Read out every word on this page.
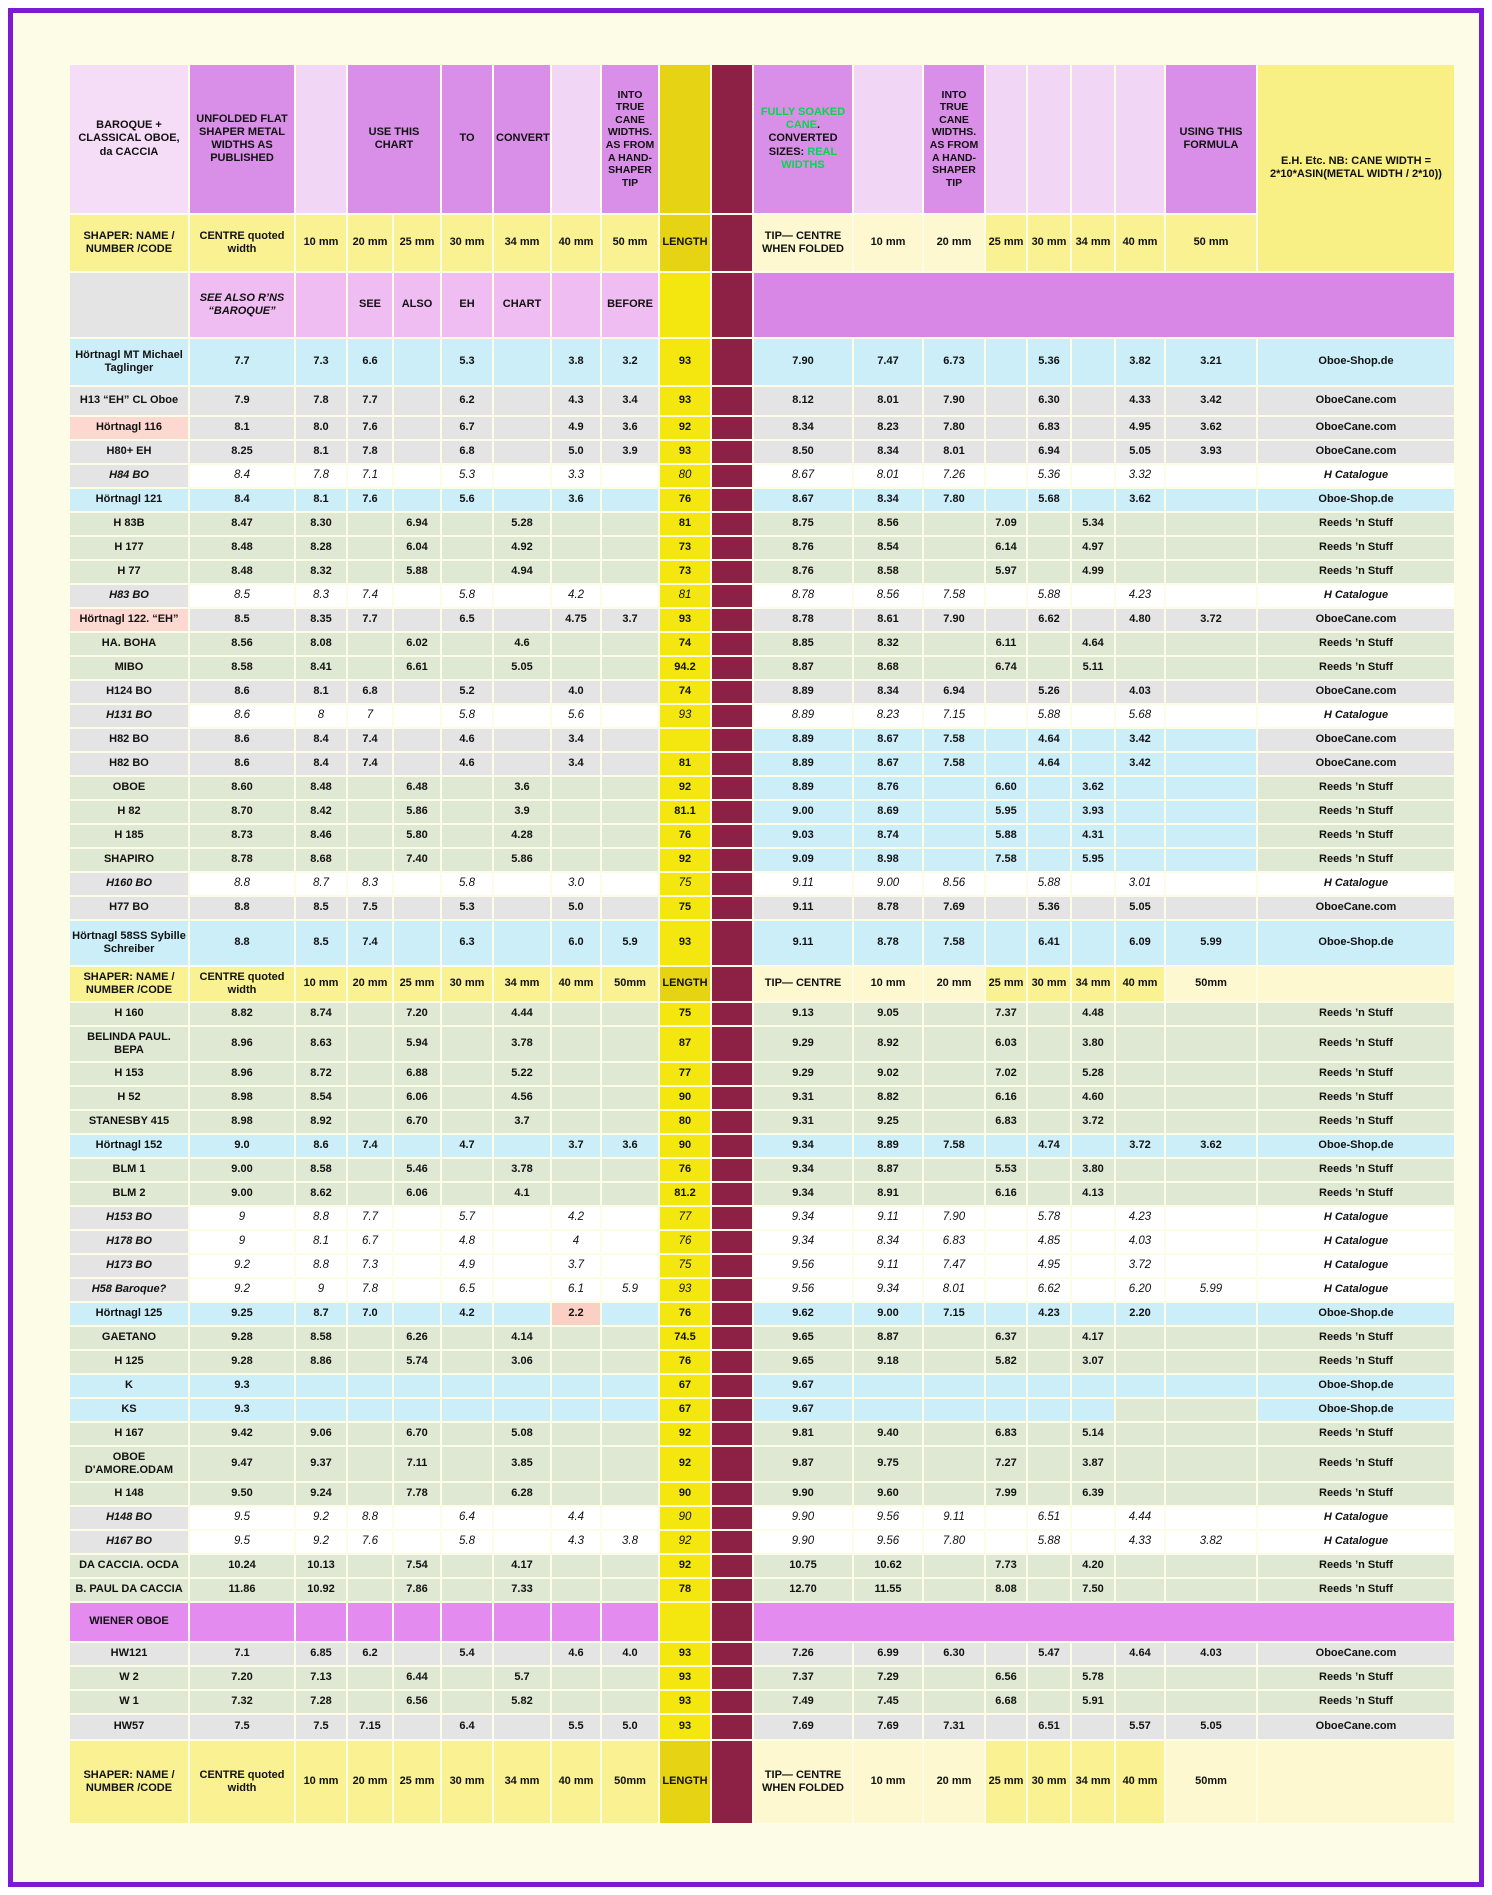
BAROQUE + CLASSICAL OBOE, da CACCIA	UNFOLDED FLAT SHAPER METAL WIDTHS AS PUBLISHED		USE THIS CHART		TO	CONVERT		INTO TRUE CANE WIDTHS. AS FROM A HAND-SHAPER TIP			FULLY SOAKED CANE. CONVERTED SIZES: REAL WIDTHS		INTO TRUE CANE WIDTHS. AS FROM A HAND-SHAPER TIP					USING THIS FORMULA	E.H. Etc. NB: CANE WIDTH = 2*10*ASIN(METAL WIDTH / 2*10))
SHAPER: NAME / NUMBER /CODE	CENTRE quoted width	10 mm	20 mm	25 mm	30 mm	34 mm	40 mm	50 mm	LENGTH		TIP— CENTRE WHEN FOLDED	10 mm	20 mm	25 mm	30 mm	34 mm	40 mm	50 mm	
	SEE ALSO R’NS “BAROQUE”		SEE	ALSO	EH	CHART		BEFORE											
Hörtnagl MT Michael Taglinger	7.7	7.3	6.6		5.3		3.8	3.2	93		7.90	7.47	6.73		5.36		3.82	3.21	Oboe-Shop.de
H13 “EH” CL Oboe	7.9	7.8	7.7		6.2		4.3	3.4	93		8.12	8.01	7.90		6.30		4.33	3.42	OboeCane.com
Hörtnagl 116	8.1	8.0	7.6		6.7		4.9	3.6	92		8.34	8.23	7.80		6.83		4.95	3.62	OboeCane.com
H80+ EH	8.25	8.1	7.8		6.8		5.0	3.9	93		8.50	8.34	8.01		6.94		5.05	3.93	OboeCane.com
H84 BO	8.4	7.8	7.1		5.3		3.3		80		8.67	8.01	7.26		5.36		3.32		H Catalogue
Hörtnagl 121	8.4	8.1	7.6		5.6		3.6		76		8.67	8.34	7.80		5.68		3.62		Oboe-Shop.de
H 83B	8.47	8.30		6.94		5.28			81		8.75	8.56		7.09		5.34			Reeds ’n Stuff
H 177	8.48	8.28		6.04		4.92			73		8.76	8.54		6.14		4.97			Reeds ’n Stuff
H 77	8.48	8.32		5.88		4.94			73		8.76	8.58		5.97		4.99			Reeds ’n Stuff
H83 BO	8.5	8.3	7.4		5.8		4.2		81		8.78	8.56	7.58		5.88		4.23		H Catalogue
Hörtnagl 122. “EH”	8.5	8.35	7.7		6.5		4.75	3.7	93		8.78	8.61	7.90		6.62		4.80	3.72	OboeCane.com
HA. BOHA	8.56	8.08		6.02		4.6			74		8.85	8.32		6.11		4.64			Reeds ’n Stuff
MIBO	8.58	8.41		6.61		5.05			94.2		8.87	8.68		6.74		5.11			Reeds ’n Stuff
H124 BO	8.6	8.1	6.8		5.2		4.0		74		8.89	8.34	6.94		5.26		4.03		OboeCane.com
H131 BO	8.6	8	7		5.8		5.6		93		8.89	8.23	7.15		5.88		5.68		H Catalogue
H82 BO	8.6	8.4	7.4		4.6		3.4				8.89	8.67	7.58		4.64		3.42		OboeCane.com
H82 BO	8.6	8.4	7.4		4.6		3.4		81		8.89	8.67	7.58		4.64		3.42		OboeCane.com
OBOE	8.60	8.48		6.48		3.6			92		8.89	8.76		6.60		3.62			Reeds ’n Stuff
H 82	8.70	8.42		5.86		3.9			81.1		9.00	8.69		5.95		3.93			Reeds ’n Stuff
H 185	8.73	8.46		5.80		4.28			76		9.03	8.74		5.88		4.31			Reeds ’n Stuff
SHAPIRO	8.78	8.68		7.40		5.86			92		9.09	8.98		7.58		5.95			Reeds ’n Stuff
H160 BO	8.8	8.7	8.3		5.8		3.0		75		9.11	9.00	8.56		5.88		3.01		H Catalogue
H77 BO	8.8	8.5	7.5		5.3		5.0		75		9.11	8.78	7.69		5.36		5.05		OboeCane.com
Hörtnagl 58SS Sybille Schreiber	8.8	8.5	7.4		6.3		6.0	5.9	93		9.11	8.78	7.58		6.41		6.09	5.99	Oboe-Shop.de
SHAPER: NAME / NUMBER /CODE	CENTRE quoted width	10 mm	20 mm	25 mm	30 mm	34 mm	40 mm	50mm	LENGTH		TIP— CENTRE	10 mm	20 mm	25 mm	30 mm	34 mm	40 mm	50mm	
H 160	8.82	8.74		7.20		4.44			75		9.13	9.05		7.37		4.48			Reeds ’n Stuff
BELINDA PAUL. BEPA	8.96	8.63		5.94		3.78			87		9.29	8.92		6.03		3.80			Reeds ’n Stuff
H 153	8.96	8.72		6.88		5.22			77		9.29	9.02		7.02		5.28			Reeds ’n Stuff
H 52	8.98	8.54		6.06		4.56			90		9.31	8.82		6.16		4.60			Reeds ’n Stuff
STANESBY 415	8.98	8.92		6.70		3.7			80		9.31	9.25		6.83		3.72			Reeds ’n Stuff
Hörtnagl 152	9.0	8.6	7.4		4.7		3.7	3.6	90		9.34	8.89	7.58		4.74		3.72	3.62	Oboe-Shop.de
BLM 1	9.00	8.58		5.46		3.78			76		9.34	8.87		5.53		3.80			Reeds ’n Stuff
BLM 2	9.00	8.62		6.06		4.1			81.2		9.34	8.91		6.16		4.13			Reeds ’n Stuff
H153 BO	9	8.8	7.7		5.7		4.2		77		9.34	9.11	7.90		5.78		4.23		H Catalogue
H178 BO	9	8.1	6.7		4.8		4		76		9.34	8.34	6.83		4.85		4.03		H Catalogue
H173 BO	9.2	8.8	7.3		4.9		3.7		75		9.56	9.11	7.47		4.95		3.72		H Catalogue
H58 Baroque?	9.2	9	7.8		6.5		6.1	5.9	93		9.56	9.34	8.01		6.62		6.20	5.99	H Catalogue
Hörtnagl 125	9.25	8.7	7.0		4.2		2.2		76		9.62	9.00	7.15		4.23		2.20		Oboe-Shop.de
GAETANO	9.28	8.58		6.26		4.14			74.5		9.65	8.87		6.37		4.17			Reeds ’n Stuff
H 125	9.28	8.86		5.74		3.06			76		9.65	9.18		5.82		3.07			Reeds ’n Stuff
K	9.3								67		9.67								Oboe-Shop.de
KS	9.3								67		9.67								Oboe-Shop.de
H 167	9.42	9.06		6.70		5.08			92		9.81	9.40		6.83		5.14			Reeds ’n Stuff
OBOE D'AMORE.ODAM	9.47	9.37		7.11		3.85			92		9.87	9.75		7.27		3.87			Reeds ’n Stuff
H 148	9.50	9.24		7.78		6.28			90		9.90	9.60		7.99		6.39			Reeds ’n Stuff
H148 BO	9.5	9.2	8.8		6.4		4.4		90		9.90	9.56	9.11		6.51		4.44		H Catalogue
H167 BO	9.5	9.2	7.6		5.8		4.3	3.8	92		9.90	9.56	7.80		5.88		4.33	3.82	H Catalogue
DA CACCIA. OCDA	10.24	10.13		7.54		4.17			92		10.75	10.62		7.73		4.20			Reeds ’n Stuff
B. PAUL DA CACCIA	11.86	10.92		7.86		7.33			78		12.70	11.55		8.08		7.50			Reeds ’n Stuff
WIENER OBOE																			
HW121	7.1	6.85	6.2		5.4		4.6	4.0	93		7.26	6.99	6.30		5.47		4.64	4.03	OboeCane.com
W 2	7.20	7.13		6.44		5.7			93		7.37	7.29		6.56		5.78			Reeds ’n Stuff
W 1	7.32	7.28		6.56		5.82			93		7.49	7.45		6.68		5.91			Reeds ’n Stuff
HW57	7.5	7.5	7.15		6.4		5.5	5.0	93		7.69	7.69	7.31		6.51		5.57	5.05	OboeCane.com
SHAPER: NAME / NUMBER /CODE	CENTRE quoted width	10 mm	20 mm	25 mm	30 mm	34 mm	40 mm	50mm	LENGTH		TIP— CENTRE WHEN FOLDED	10 mm	20 mm	25 mm	30 mm	34 mm	40 mm	50mm	
